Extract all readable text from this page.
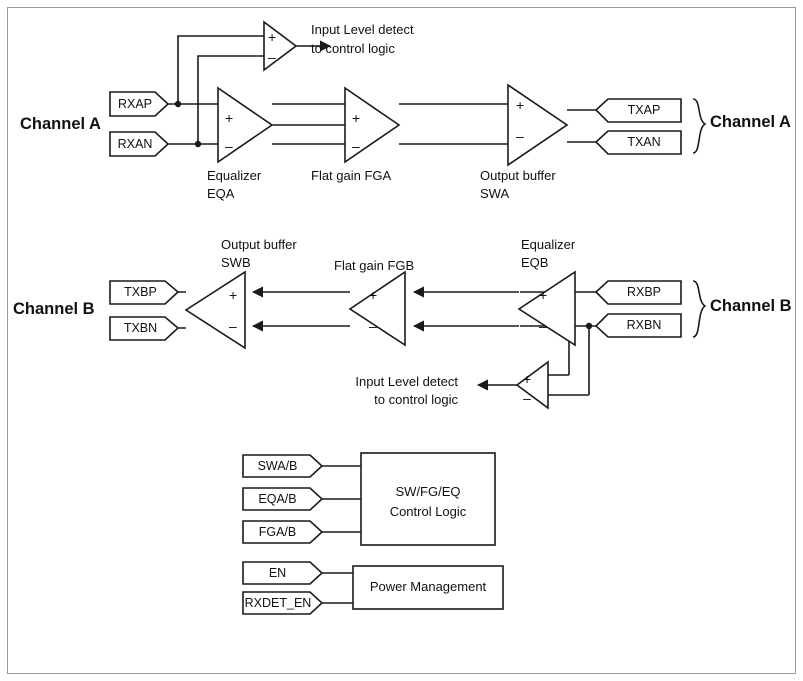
Channel A	Channel A
Channel B	Channel B
RXAP
RXAN
TXAP
TXAN
TXBP
TXBN
RXBP
RXBN
SWA/B
EQA/B
FGA/B
EN
RXDET_EN
Equalizer
EQA
Flat gain FGA	Output buffer
SWA
Output buffer
SWB	Flat gain FGB
Equalizer
EQB
Input Level detect
to control logic
Input Level detect
to control logic
SW/FG/EQ
Control Logic
Power Management
+
–
+
–
+
–
+
–
+
–
+
–
+
–
+
–
